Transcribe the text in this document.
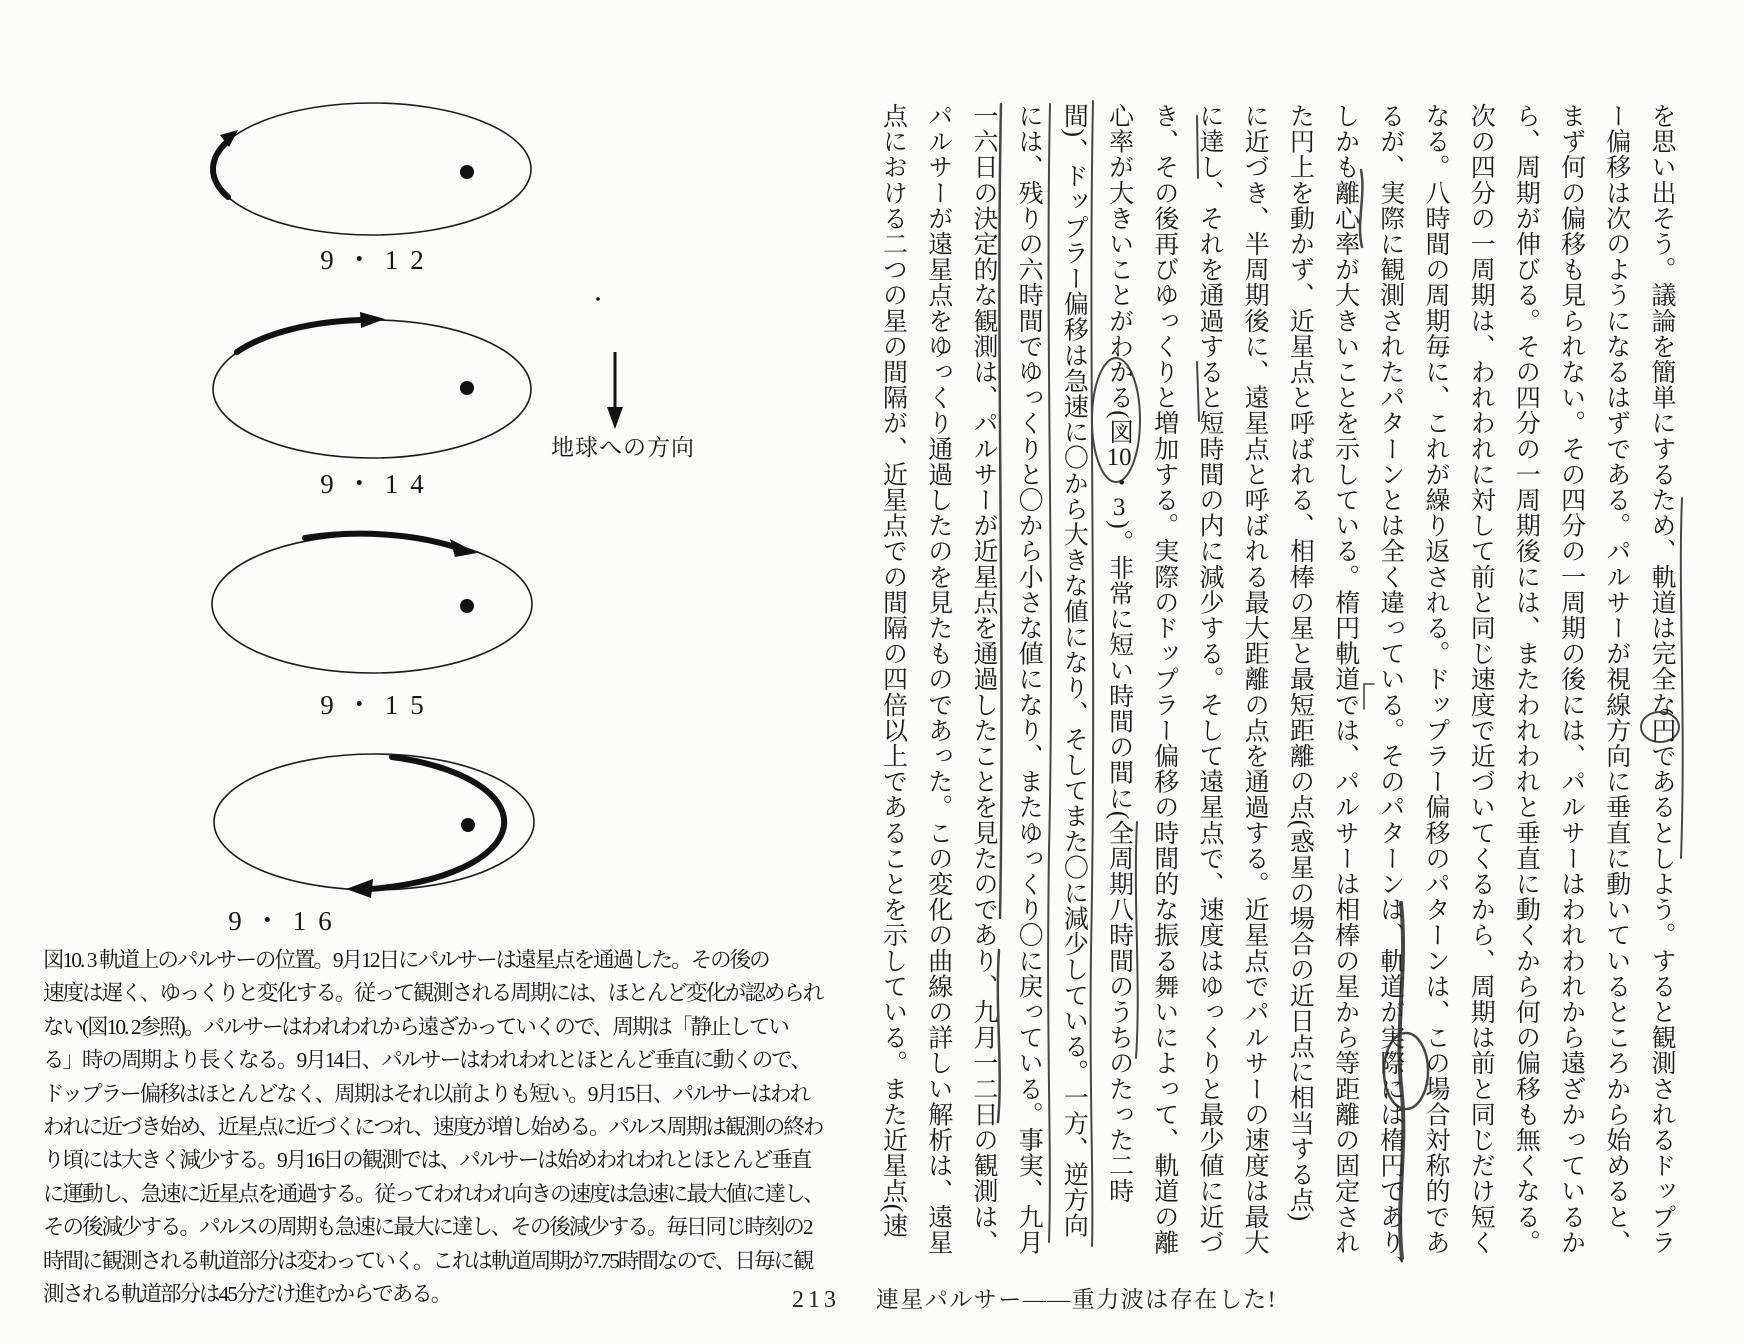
9・12
9・14
9・15
9・16
地球への方向
図10. 3 軌道上のパルサーの位置。9月12日にパルサーは遠星点を通過した。その後の
速度は遅く、ゆっくりと変化する。従って観測される周期には、ほとんど変化が認められ
ない(図10. 2参照)。パルサーはわれわれから遠ざかっていくので、周期は「静止してい
る」時の周期より長くなる。9月14日、パルサーはわれわれとほとんど垂直に動くので、
ドップラー偏移はほとんどなく、周期はそれ以前よりも短い。9月15日、パルサーはわれ
われに近づき始め、近星点に近づくにつれ、速度が増し始める。パルス周期は観測の終わ
り頃には大きく減少する。9月16日の観測では、パルサーは始めわれわれとほとんど垂直
に運動し、急速に近星点を通過する。従ってわれわれ向きの速度は急速に最大値に達し、
その後減少する。パルスの周期も急速に最大に達し、その後減少する。毎日同じ時刻の2
時間に観測される軌道部分は変わっていく。これは軌道周期が7.75時間なので、日毎に観
測される軌道部分は45分だけ進むからである。
を思い出そう。議論を簡単にするため、軌道は完全な円であるとしよう。すると観測されるドップラ
ー偏移は次のようになるはずである。パルサーが視線方向に垂直に動いているところから始めると、
まず何の偏移も見られない。その四分の一周期の後には、パルサーはわれわれから遠ざかっているか
ら、周期が伸びる。その四分の一周期後には、またわれわれと垂直に動くから何の偏移も無くなる。
次の四分の一周期は、われわれに対して前と同じ速度で近づいてくるから、周期は前と同じだけ短く
なる。八時間の周期毎に、これが繰り返される。ドップラー偏移のパターンは、この場合対称的であ
るが、実際に観測されたパターンとは全く違っている。そのパターンは、軌道が実際には楕円であり、
しかも離心率が大きいことを示している。楕円軌道では、パルサーは相棒の星から等距離の固定され
た円上を動かず、近星点と呼ばれる、相棒の星と最短距離の点(惑星の場合の近日点に相当する点)
に近づき、半周期後に、遠星点と呼ばれる最大距離の点を通過する。近星点でパルサーの速度は最大
に達し、それを通過すると短時間の内に減少する。そして遠星点で、速度はゆっくりと最少値に近づ
き、その後再びゆっくりと増加する。実際のドップラー偏移の時間的な振る舞いによって、軌道の離
心率が大きいことがわかる(図10・3)。非常に短い時間の間に(全周期八時間のうちのたった二時
間)、ドップラー偏移は急速に〇から大きな値になり、そしてまた〇に減少している。一方、逆方向
には、残りの六時間でゆっくりと〇から小さな値になり、またゆっくり〇に戻っている。事実、九月
一六日の決定的な観測は、パルサーが近星点を通過したことを見たのであり、九月一二日の観測は、
パルサーが遠星点をゆっくり通過したのを見たものであった。この変化の曲線の詳しい解析は、遠星
点における二つの星の間隔が、近星点での間隔の四倍以上であることを示している。また近星点(速
213 連星パルサー――重力波は存在した!
